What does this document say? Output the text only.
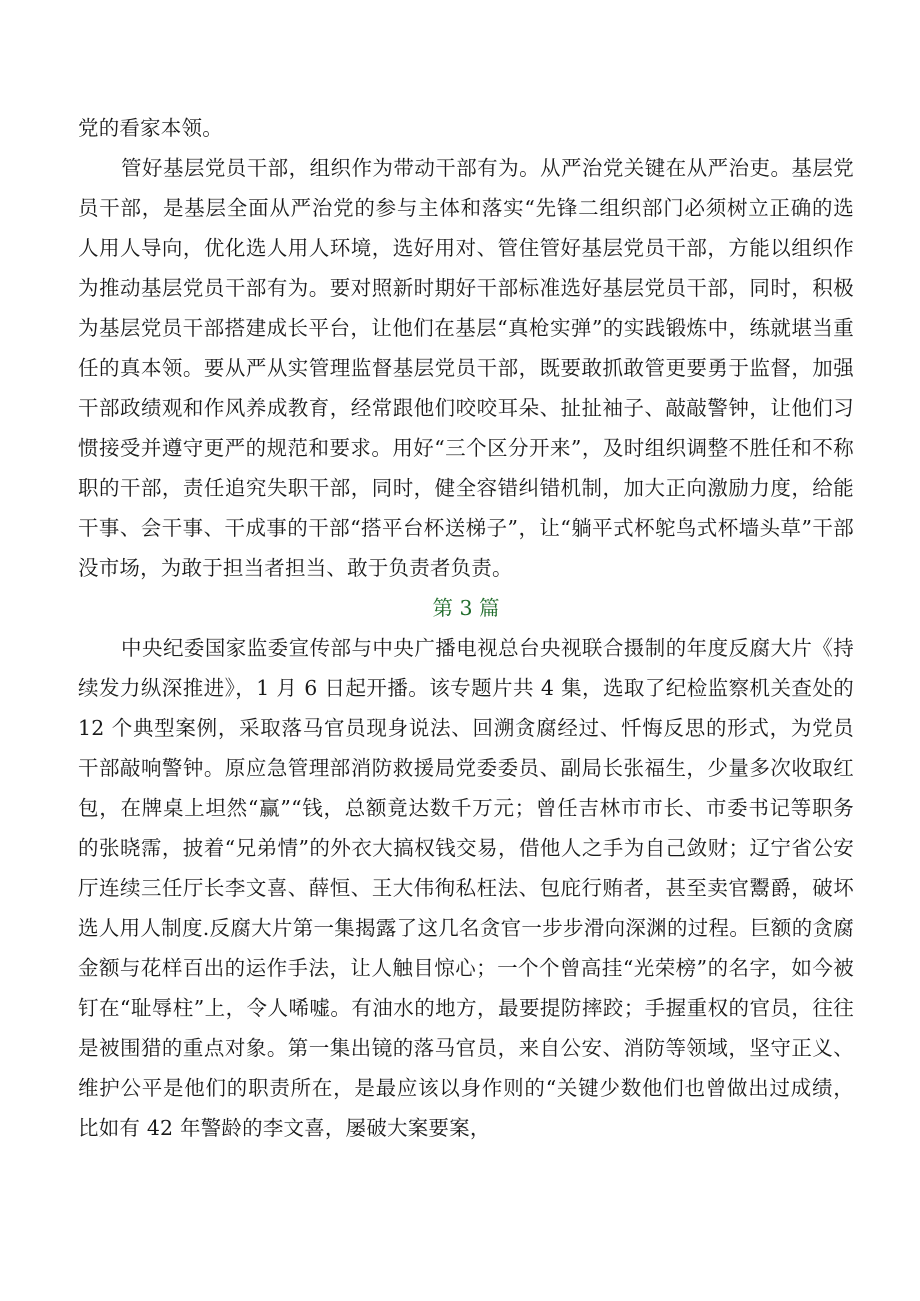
党的看家本领。

管好基层党员干部，组织作为带动干部有为。从严治党关键在从严治吏。基层党员干部，是基层全面从严治党的参与主体和落实“先锋二组织部门必须树立正确的选人用人导向，优化选人用人环境，选好用对、管住管好基层党员干部，方能以组织作为推动基层党员干部有为。要对照新时期好干部标准选好基层党员干部，同时，积极为基层党员干部搭建成长平台，让他们在基层“真枪实弹”的实践锻炼中，练就堪当重任的真本领。要从严从实管理监督基层党员干部，既要敢抓敢管更要勇于监督，加强干部政绩观和作风养成教育，经常跟他们咬咬耳朵、扯扯袖子、敲敲警钟，让他们习惯接受并遵守更严的规范和要求。用好“三个区分开来”，及时组织调整不胜任和不称职的干部，责任追究失职干部，同时，健全容错纠错机制，加大正向激励力度，给能干事、会干事、干成事的干部“搭平台杯送梯子”，让“躺平式杯鸵鸟式杯墙头草”干部没市场，为敢于担当者担当、敢于负责者负责。

第 3 篇

中央纪委国家监委宣传部与中央广播电视总台央视联合摄制的年度反腐大片《持续发力纵深推进》，1 月 6 日起开播。该专题片共 4 集，选取了纪检监察机关查处的 12 个典型案例，采取落马官员现身说法、回溯贪腐经过、忏悔反思的形式，为党员干部敲响警钟。原应急管理部消防救援局党委委员、副局长张福生，少量多次收取红包，在牌桌上坦然“赢”“钱，总额竟达数千万元；曾任吉林市市长、市委书记等职务的张晓霈，披着“兄弟情”的外衣大搞权钱交易，借他人之手为自己敛财；辽宁省公安厅连续三任厅长李文喜、薛恒、王大伟徇私枉法、包庇行贿者，甚至卖官鬻爵，破坏选人用人制度.反腐大片第一集揭露了这几名贪官一步步滑向深渊的过程。巨额的贪腐金额与花样百出的运作手法，让人触目惊心；一个个曾高挂“光荣榜”的名字，如今被钉在“耻辱柱”上，令人唏嘘。有油水的地方，最要提防摔跤；手握重权的官员，往往是被围猎的重点对象。第一集出镜的落马官员，来自公安、消防等领域，坚守正义、维护公平是他们的职责所在，是最应该以身作则的“关键少数他们也曾做出过成绩，比如有 42 年警龄的李文喜，屡破大案要案，
